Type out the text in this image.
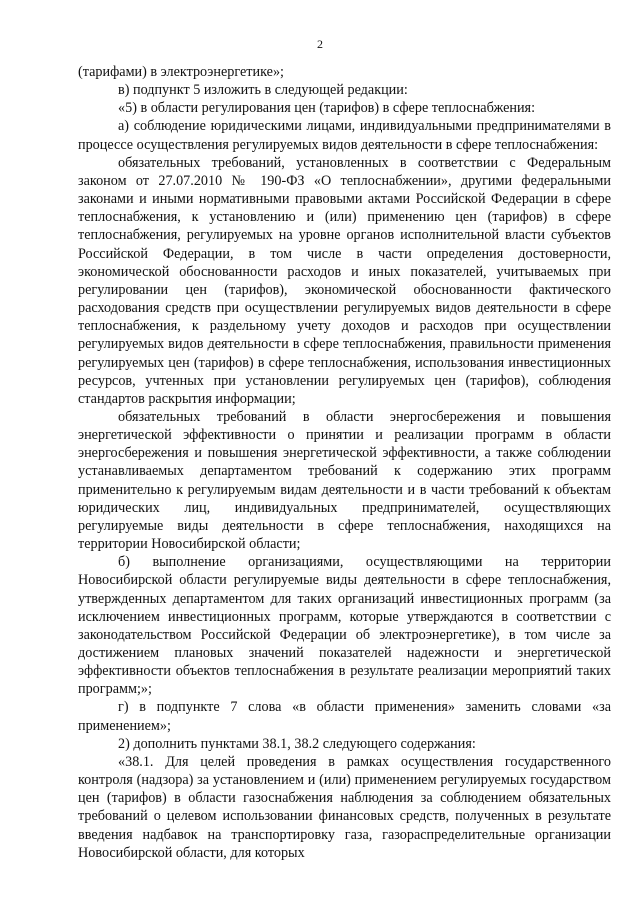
2

(тарифами) в электроэнергетике»;

в) подпункт 5 изложить в следующей редакции:

«5) в области регулирования цен (тарифов) в сфере теплоснабжения:

а) соблюдение юридическими лицами, индивидуальными предпринимателями в процессе осуществления регулируемых видов деятельности в сфере теплоснабжения:

обязательных требований, установленных в соответствии с Федеральным законом от 27.07.2010 № 190-ФЗ «О теплоснабжении», другими федеральными законами и иными нормативными правовыми актами Российской Федерации в сфере теплоснабжения, к установлению и (или) применению цен (тарифов) в сфере теплоснабжения, регулируемых на уровне органов исполнительной власти субъектов Российской Федерации, в том числе в части определения достоверности, экономической обоснованности расходов и иных показателей, учитываемых при регулировании цен (тарифов), экономической обоснованности фактического расходования средств при осуществлении регулируемых видов деятельности в сфере теплоснабжения, к раздельному учету доходов и расходов при осуществлении регулируемых видов деятельности в сфере теплоснабжения, правильности применения регулируемых цен (тарифов) в сфере теплоснабжения, использования инвестиционных ресурсов, учтенных при установлении регулируемых цен (тарифов), соблюдения стандартов раскрытия информации;

обязательных требований в области энергосбережения и повышения энергетической эффективности о принятии и реализации программ в области энергосбережения и повышения энергетической эффективности, а также соблюдении устанавливаемых департаментом требований к содержанию этих программ применительно к регулируемым видам деятельности и в части требований к объектам юридических лиц, индивидуальных предпринимателей, осуществляющих регулируемые виды деятельности в сфере теплоснабжения, находящихся на территории Новосибирской области;

б) выполнение организациями, осуществляющими на территории Новосибирской области регулируемые виды деятельности в сфере теплоснабжения, утвержденных департаментом для таких организаций инвестиционных программ (за исключением инвестиционных программ, которые утверждаются в соответствии с законодательством Российской Федерации об электроэнергетике), в том числе за достижением плановых значений показателей надежности и энергетической эффективности объектов теплоснабжения в результате реализации мероприятий таких программ;»;

г) в подпункте 7 слова «в области применения» заменить словами «за применением»;

2) дополнить пунктами 38.1, 38.2 следующего содержания:

«38.1. Для целей проведения в рамках осуществления государственного контроля (надзора) за установлением и (или) применением регулируемых государством цен (тарифов) в области газоснабжения наблюдения за соблюдением обязательных требований о целевом использовании финансовых средств, полученных в результате введения надбавок на транспортировку газа, газораспределительные организации Новосибирской области, для которых
